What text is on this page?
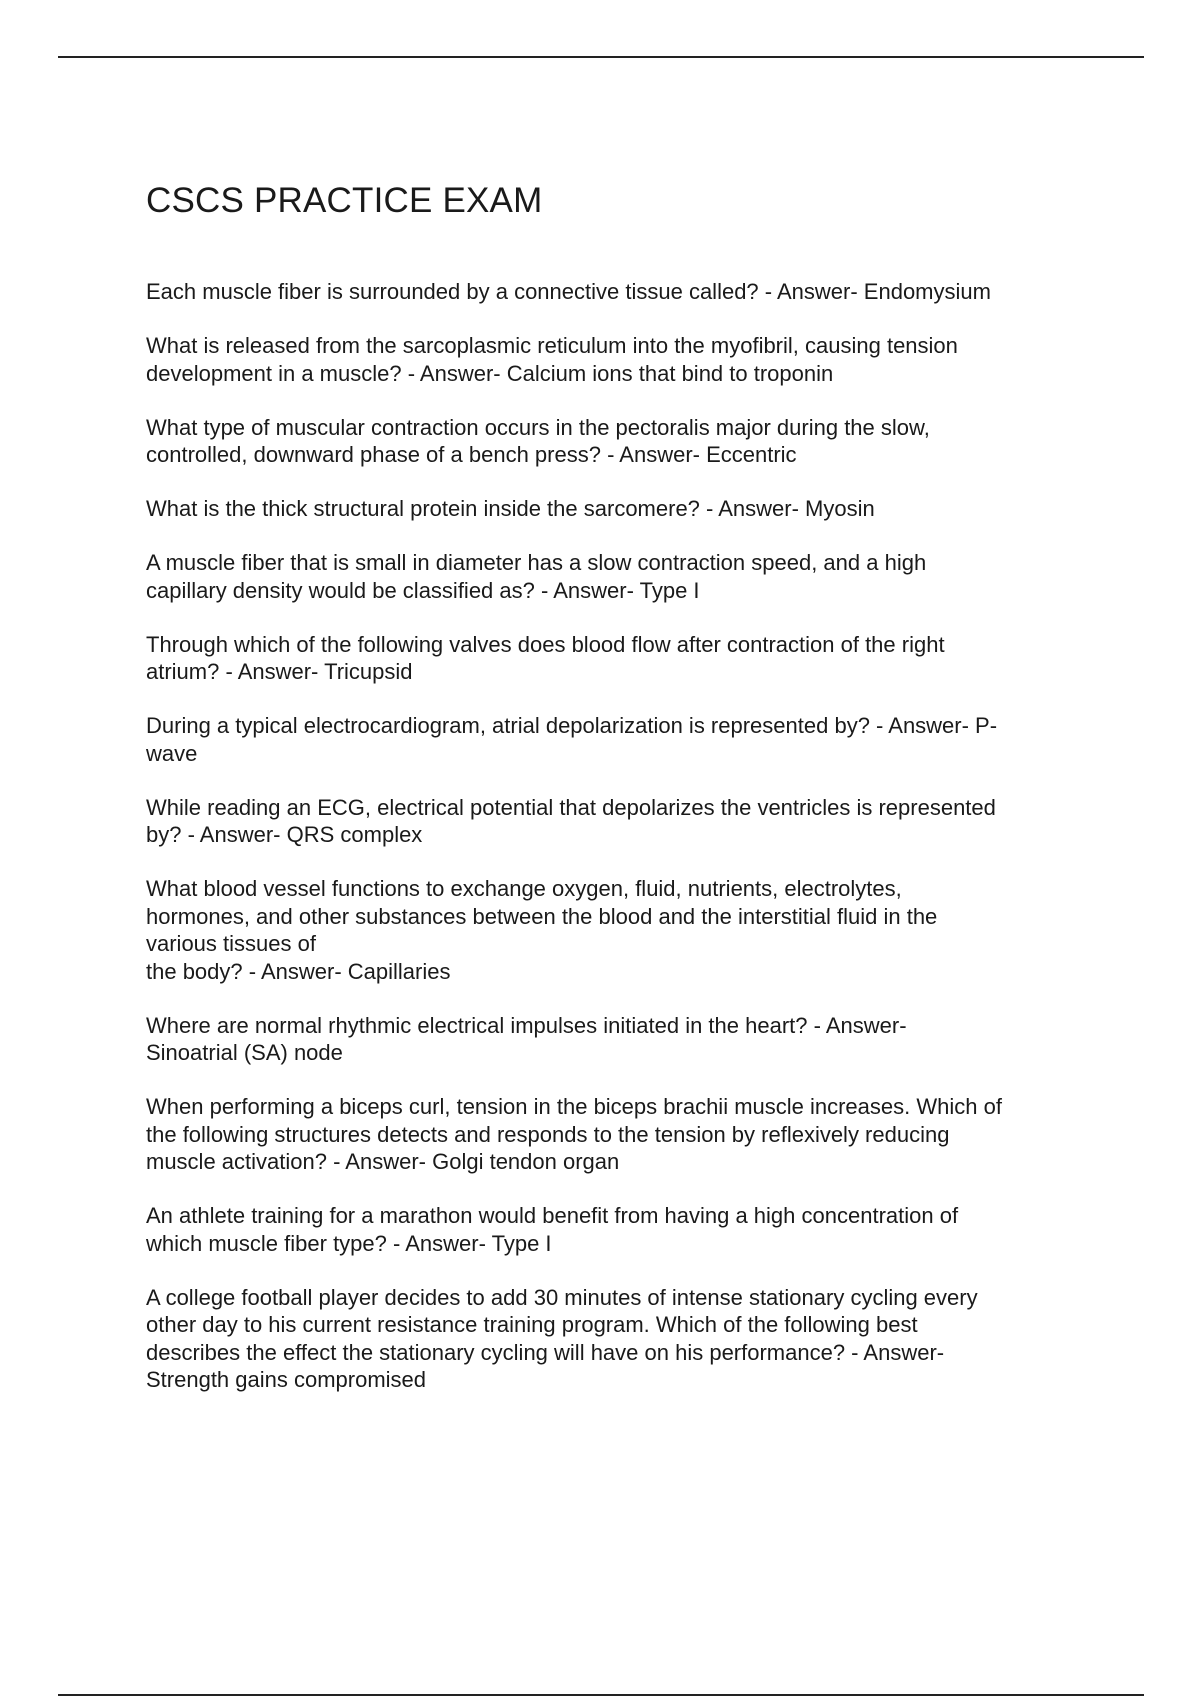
CSCS PRACTICE EXAM

Each muscle fiber is surrounded by a connective tissue called? - Answer- Endomysium

What is released from the sarcoplasmic reticulum into the myofibril, causing tension
development in a muscle? - Answer- Calcium ions that bind to troponin

What type of muscular contraction occurs in the pectoralis major during the slow,
controlled, downward phase of a bench press? - Answer- Eccentric

What is the thick structural protein inside the sarcomere? - Answer- Myosin

A muscle fiber that is small in diameter has a slow contraction speed, and a high
capillary density would be classified as? - Answer- Type I

Through which of the following valves does blood flow after contraction of the right
atrium? - Answer- Tricupsid

During a typical electrocardiogram, atrial depolarization is represented by? - Answer- P-
wave

While reading an ECG, electrical potential that depolarizes the ventricles is represented
by? - Answer- QRS complex

What blood vessel functions to exchange oxygen, fluid, nutrients, electrolytes,
hormones, and other substances between the blood and the interstitial fluid in the
various tissues of
the body? - Answer- Capillaries

Where are normal rhythmic electrical impulses initiated in the heart? - Answer-
Sinoatrial (SA) node

When performing a biceps curl, tension in the biceps brachii muscle increases. Which of
the following structures detects and responds to the tension by reflexively reducing
muscle activation? - Answer- Golgi tendon organ

An athlete training for a marathon would benefit from having a high concentration of
which muscle fiber type? - Answer- Type I

A college football player decides to add 30 minutes of intense stationary cycling every
other day to his current resistance training program. Which of the following best
describes the effect the stationary cycling will have on his performance? - Answer-
Strength gains compromised
